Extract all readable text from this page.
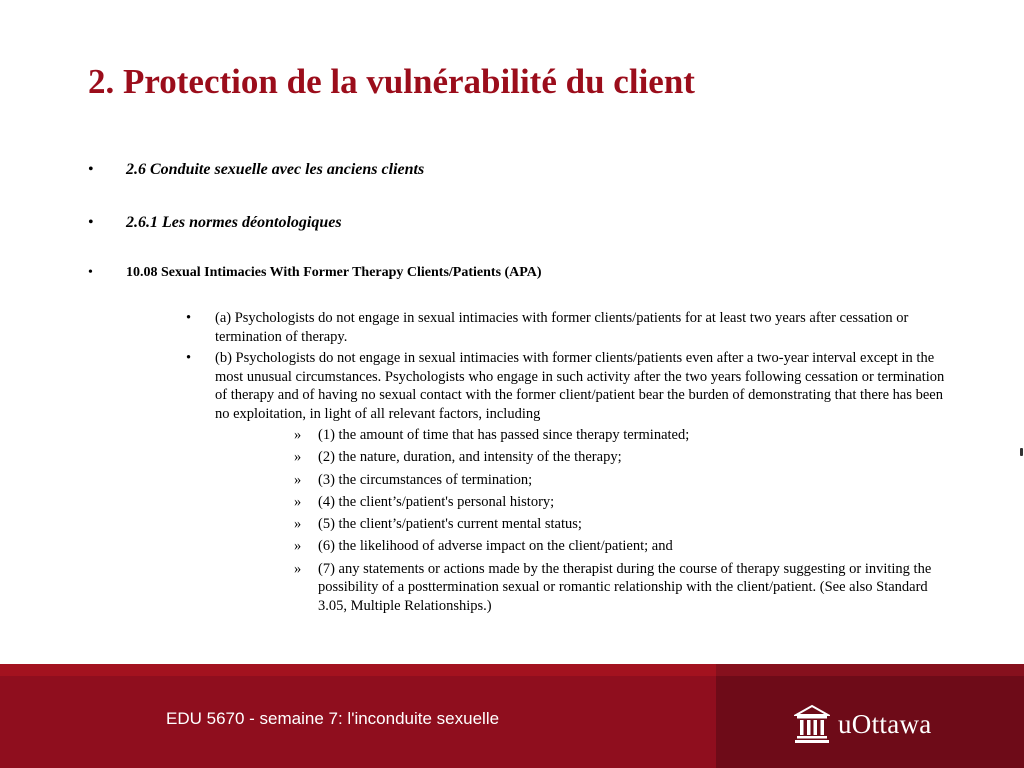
2. Protection de la vulnérabilité du client
• 2.6 Conduite sexuelle avec les anciens clients
• 2.6.1 Les normes déontologiques
• 10.08 Sexual Intimacies With Former Therapy Clients/Patients (APA)
• (a) Psychologists do not engage in sexual intimacies with former clients/patients for at least two years after cessation or termination of therapy.
• (b) Psychologists do not engage in sexual intimacies with former clients/patients even after a two-year interval except in the most unusual circumstances. Psychologists who engage in such activity after the two years following cessation or termination of therapy and of having no sexual contact with the former client/patient bear the burden of demonstrating that there has been no exploitation, in light of all relevant factors, including
» (1) the amount of time that has passed since therapy terminated;
» (2) the nature, duration, and intensity of the therapy;
» (3) the circumstances of termination;
» (4) the client’s/patient's personal history;
» (5) the client’s/patient's current mental status;
» (6) the likelihood of adverse impact on the client/patient; and
» (7) any statements or actions made by the therapist during the course of therapy suggesting or inviting the possibility of a posttermination sexual or romantic relationship with the client/patient. (See also Standard 3.05, Multiple Relationships.)
EDU 5670 - semaine 7: l'inconduite sexuelle	uOttawa
